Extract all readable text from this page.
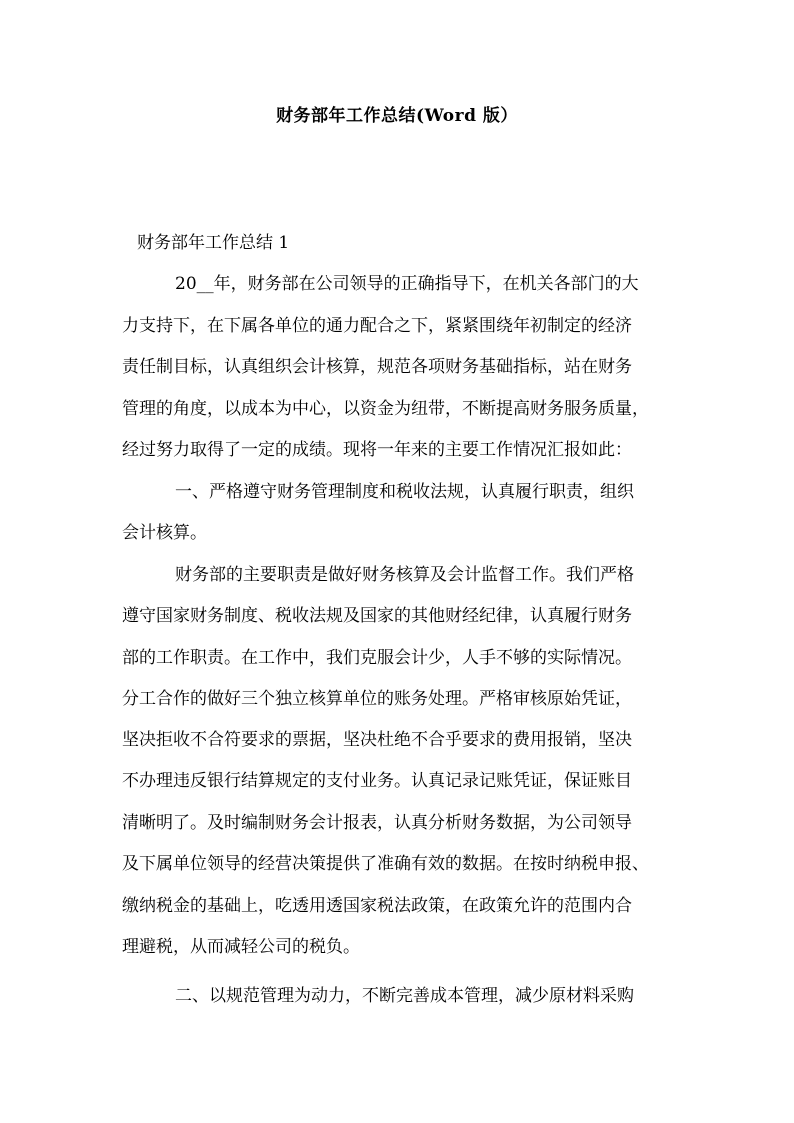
财务部年工作总结(Word 版）
财务部年工作总结 1
20__年，财务部在公司领导的正确指导下，在机关各部门的大
力支持下，在下属各单位的通力配合之下，紧紧围绕年初制定的经济
责任制目标，认真组织会计核算，规范各项财务基础指标，站在财务
管理的角度，以成本为中心，以资金为纽带，不断提高财务服务质量，
经过努力取得了一定的成绩。现将一年来的主要工作情况汇报如此：
一、严格遵守财务管理制度和税收法规，认真履行职责，组织
会计核算。
财务部的主要职责是做好财务核算及会计监督工作。我们严格
遵守国家财务制度、税收法规及国家的其他财经纪律，认真履行财务
部的工作职责。在工作中，我们克服会计少，人手不够的实际情况。
分工合作的做好三个独立核算单位的账务处理。严格审核原始凭证，
坚决拒收不合符要求的票据，坚决杜绝不合乎要求的费用报销，坚决
不办理违反银行结算规定的支付业务。认真记录记账凭证，保证账目
清晰明了。及时编制财务会计报表，认真分析财务数据，为公司领导
及下属单位领导的经营决策提供了准确有效的数据。在按时纳税申报、
缴纳税金的基础上，吃透用透国家税法政策，在政策允许的范围内合
理避税，从而减轻公司的税负。
二、以规范管理为动力，不断完善成本管理，减少原材料采购
